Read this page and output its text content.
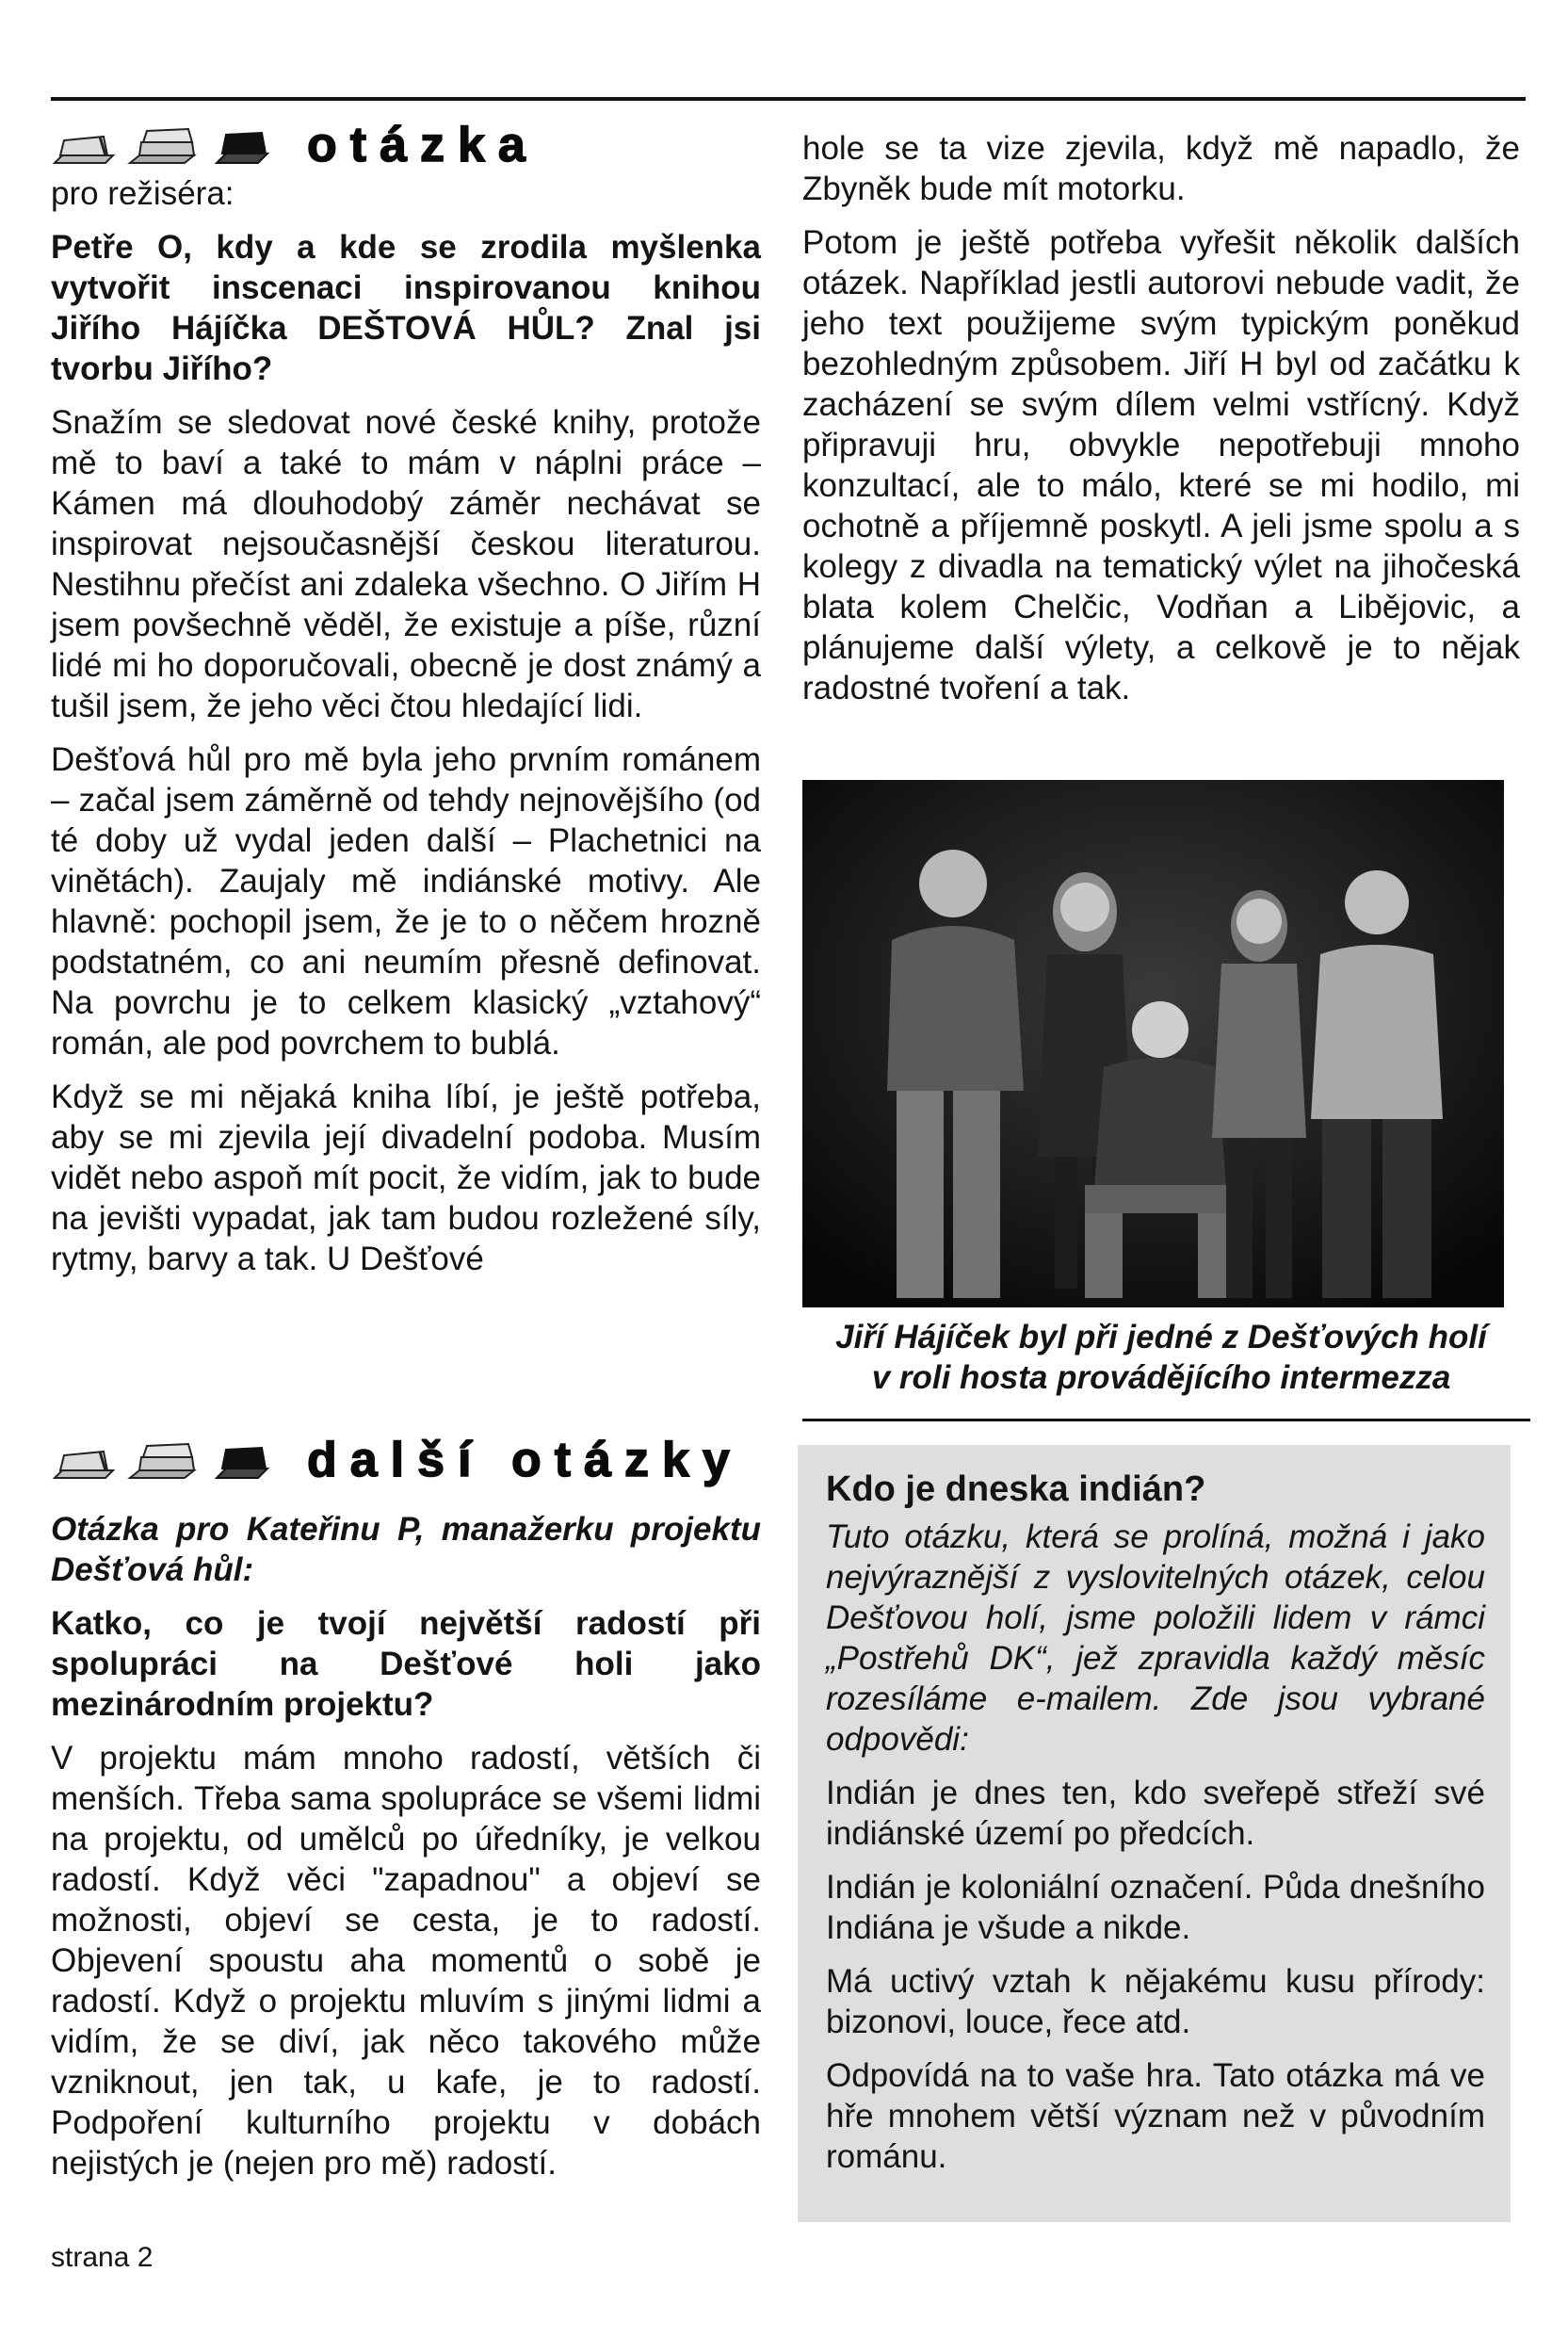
otázka

pro režiséra:

Petře O, kdy a kde se zrodila myšlenka vytvořit inscenaci inspirovanou knihou Jiřího Hájíčka DEŠTOVÁ HŮL? Znal jsi tvorbu Jiřího?

Snažím se sledovat nové české knihy, protože mě to baví a také to mám v náplni práce – Kámen má dlouhodobý záměr nechávat se inspirovat nejsoučasnější českou literaturou. Nestihnu přečíst ani zdaleka všechno. O Jiřím H jsem povšechně věděl, že existuje a píše, různí lidé mi ho doporučovali, obecně je dost známý a tušil jsem, že jeho věci čtou hledající lidi.

Dešťová hůl pro mě byla jeho prvním románem – začal jsem záměrně od tehdy nejnovějšího (od té doby už vydal jeden další – Plachetnici na vinětách). Zaujaly mě indiánské motivy. Ale hlavně: pochopil jsem, že je to o něčem hrozně podstatném, co ani neumím přesně definovat. Na povrchu je to celkem klasický „vztahový“ román, ale pod povrchem to bublá.

Když se mi nějaká kniha líbí, je ještě potřeba, aby se mi zjevila její divadelní podoba. Musím vidět nebo aspoň mít pocit, že vidím, jak to bude na jevišti vypadat, jak tam budou rozležené síly, rytmy, barvy a tak. U Dešťové

hole se ta vize zjevila, když mě napadlo, že Zbyněk bude mít motorku.

Potom je ještě potřeba vyřešit několik dalších otázek. Například jestli autorovi nebude vadit, že jeho text použijeme svým typickým poněkud bezohledným způsobem. Jiří H byl od začátku k zacházení se svým dílem velmi vstřícný. Když připravuji hru, obvykle nepotřebuji mnoho konzultací, ale to málo, které se mi hodilo, mi ochotně a příjemně poskytl. A jeli jsme spolu a s kolegy z divadla na tematický výlet na jihočeská blata kolem Chelčic, Vodňan a Libějovic, a plánujeme další výlety, a celkově je to nějak radostné tvoření a tak.

Jiří Hájíček byl při jedné z Dešťových holí
v roli hosta provádějícího intermezza
další otázky

Otázka pro Kateřinu P, manažerku projektu Dešťová hůl:

Katko, co je tvojí největší radostí při spolupráci na Dešťové holi jako mezinárodním projektu?

V projektu mám mnoho radostí, větších či menších. Třeba sama spolupráce se všemi lidmi na projektu, od umělců po úředníky, je velkou radostí. Když věci "zapadnou" a objeví se možnosti, objeví se cesta, je to radostí. Objevení spoustu aha momentů o sobě je radostí. Když o projektu mluvím s jinými lidmi a vidím, že se diví, jak něco takového může vzniknout, jen tak, u kafe, je to radostí. Podpoření kulturního projektu v dobách nejistých je (nejen pro mě) radostí.

Kdo je dneska indián?

Tuto otázku, která se prolíná, možná i jako nejvýraznější z vyslovitelných otázek, celou Dešťovou holí, jsme položili lidem v rámci „Postřehů DK“, jež zpravidla každý měsíc rozesíláme e-mailem. Zde jsou vybrané odpovědi:

Indián je dnes ten, kdo sveřepě střeží své indiánské území po předcích.

Indián je koloniální označení. Půda dnešního Indiána je všude a nikde.

Má uctivý vztah k nějakému kusu přírody: bizonovi, louce, řece atd.

Odpovídá na to vaše hra. Tato otázka má ve hře mnohem větší význam než v původním románu.

strana 2
